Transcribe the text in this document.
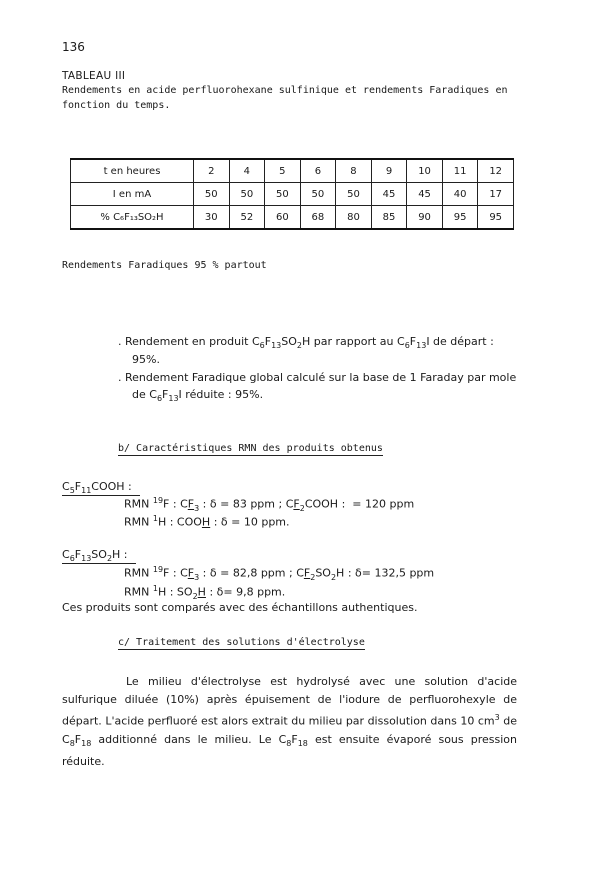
136
TABLEAU III
Rendements en acide perfluorohexane sulfinique et rendements Faradiques en
fonction du temps.
t en heures	2	4	5	6	8	9	10	11	12
I en mA	50	50	50	50	50	45	45	40	17
% C₆F₁₃SO₂H	30	52	60	68	80	85	90	95	95
Rendements Faradiques 95 % partout
. Rendement en produit $C_6F_{13}SO_2H$ par rapport au $C_6F_{13}I$ de départ :
95%.
. Rendement Faradique global calculé sur la base de 1 Faraday par mole
de $C_6F_{13}I$ réduite : 95%.
b/ Caractéristiques RMN des produits obtenus
$C_5F_{11}COOH$ :
RMN $^{19}$F : $CF_3$ : δ = 83 ppm ; $CF_2COOH$ :  = 120 ppm
RMN $^1$H : COOH : δ = 10 ppm.
$C_6F_{13}SO_2H$ :
RMN $^{19}$F : $CF_3$ : δ = 82,8 ppm ; $CF_2SO_2H$ : δ= 132,5 ppm
RMN $^1$H : $SO_2H$ : δ= 9,8 ppm.
Ces produits sont comparés avec des échantillons authentiques.
c/ Traitement des solutions d'électrolyse
Le milieu d'électrolyse est hydrolysé avec une solution d'acide sulfurique diluée (10%) après épuisement de l'iodure de perfluorohexyle de départ. L'acide perfluoré est alors extrait du milieu par dissolution dans 10 $cm^3$ de $C_8F_{18}$ additionné dans le milieu. Le $C_8F_{18}$ est ensuite évaporé sous pression réduite.
